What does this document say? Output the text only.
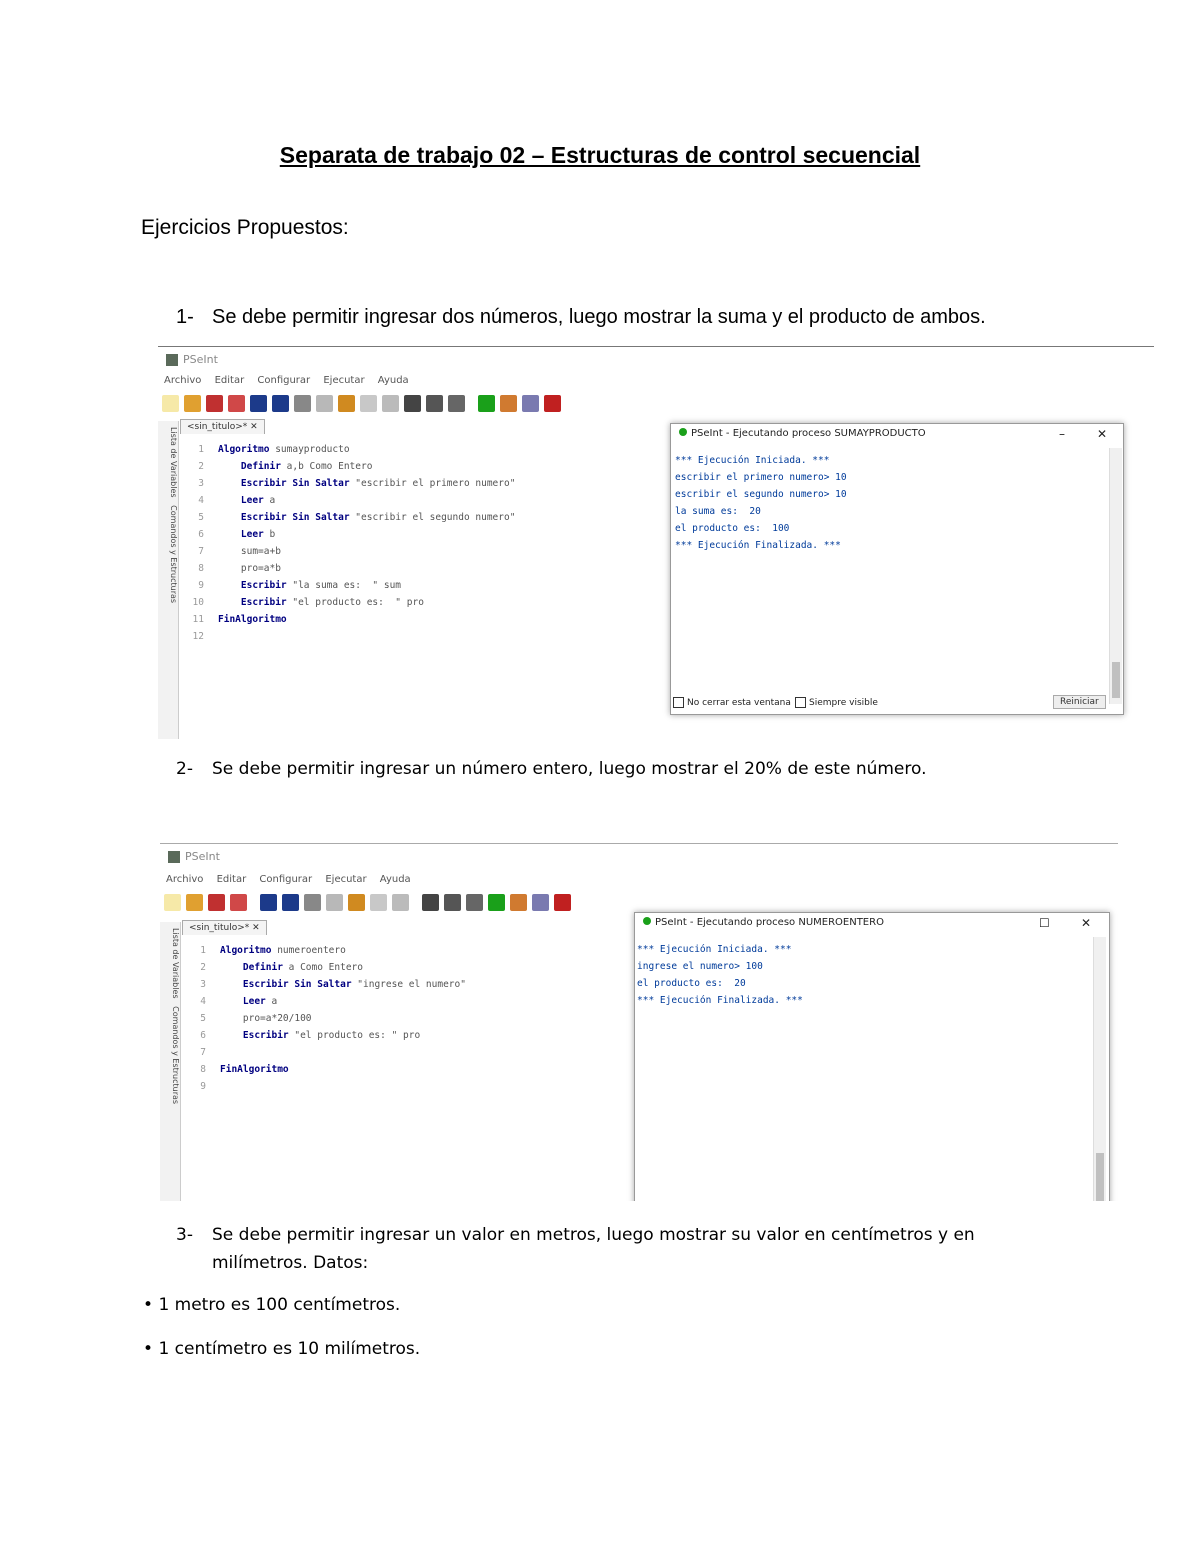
Separata de trabajo 02 – Estructuras de control secuencial
Ejercicios Propuestos:
1- Se debe permitir ingresar dos números, luego mostrar la suma y el producto de ambos.
PSeInt
Archivo Editar Configurar Ejecutar Ayuda
<sin_titulo>* ✕
Lista de Variables   Comandos y Estructuras
1 Algoritmo sumayproducto
2    Definir a,b Como Entero
3    Escribir Sin Saltar "escribir el primero numero"
4    Leer a
5    Escribir Sin Saltar "escribir el segundo numero"
6    Leer b
7    sum=a+b
8    pro=a*b
9    Escribir "la suma es:  " sum
10    Escribir "el producto es:  " pro
11 FinAlgoritmo
12
PSeInt - Ejecutando proceso SUMAYPRODUCTO	–	✕
*** Ejecución Iniciada. ***
escribir el primero numero> 10
escribir el segundo numero> 10
la suma es:  20
el producto es:  100
*** Ejecución Finalizada. ***
No cerrar esta ventana	Siempre visible	Reiniciar
2- Se debe permitir ingresar un número entero, luego mostrar el 20% de este número.
PSeInt
Archivo Editar Configurar Ejecutar Ayuda
<sin_titulo>* ✕
Lista de Variables   Comandos y Estructuras
1 Algoritmo numeroentero
2    Definir a Como Entero
3    Escribir Sin Saltar "ingrese el numero"
4    Leer a
5    pro=a*20/100
6    Escribir "el producto es: " pro
7
8 FinAlgoritmo
9
PSeInt - Ejecutando proceso NUMEROENTERO	☐	✕
*** Ejecución Iniciada. ***
ingrese el numero> 100
el producto es:  20
*** Ejecución Finalizada. ***
3- Se debe permitir ingresar un valor en metros, luego mostrar su valor en centímetros y en
milímetros. Datos:
• 1 metro es 100 centímetros.
• 1 centímetro es 10 milímetros.
